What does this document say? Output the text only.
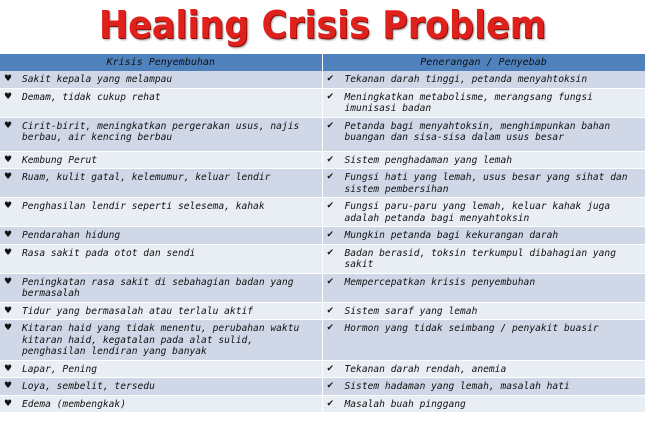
Healing Crisis Problem
Krisis Penyembuhan	Penerangan / Penyebab
♥ Sakit kepala yang melampau	✔ Tekanan darah tinggi, petanda menyahtoksin
♥ Demam, tidak cukup rehat	✔ Meningkatkan metabolisme, merangsang fungsi imunisasi badan
♥ Cirit-birit, meningkatkan pergerakan usus, najis berbau, air kencing berbau	✔ Petanda bagi menyahtoksin, menghimpunkan bahan buangan dan sisa-sisa dalam usus besar
♥ Kembung Perut	✔ Sistem penghadaman yang lemah
♥ Ruam, kulit gatal, kelemumur, keluar lendir	✔ Fungsi hati yang lemah, usus besar yang sihat dan sistem pembersihan
♥ Penghasilan lendir seperti selesema, kahak	✔ Fungsi paru-paru yang lemah, keluar kahak juga adalah petanda bagi menyahtoksin
♥ Pendarahan hidung	✔ Mungkin petanda bagi kekurangan darah
♥ Rasa sakit pada otot dan sendi	✔ Badan berasid, toksin terkumpul dibahagian yang sakit
♥ Peningkatan rasa sakit di sebahagian badan yang bermasalah	✔ Mempercepatkan krisis penyembuhan
♥ Tidur yang bermasalah atau terlalu aktif	✔ Sistem saraf yang lemah
♥ Kitaran haid yang tidak menentu, perubahan waktu kitaran haid, kegatalan pada alat sulid, penghasilan lendiran yang banyak	✔ Hormon yang tidak seimbang / penyakit buasir
♥ Lapar, Pening	✔ Tekanan darah rendah, anemia
♥ Loya, sembelit, tersedu	✔ Sistem hadaman yang lemah, masalah hati
♥ Edema (membengkak)	✔ Masalah buah pinggang
